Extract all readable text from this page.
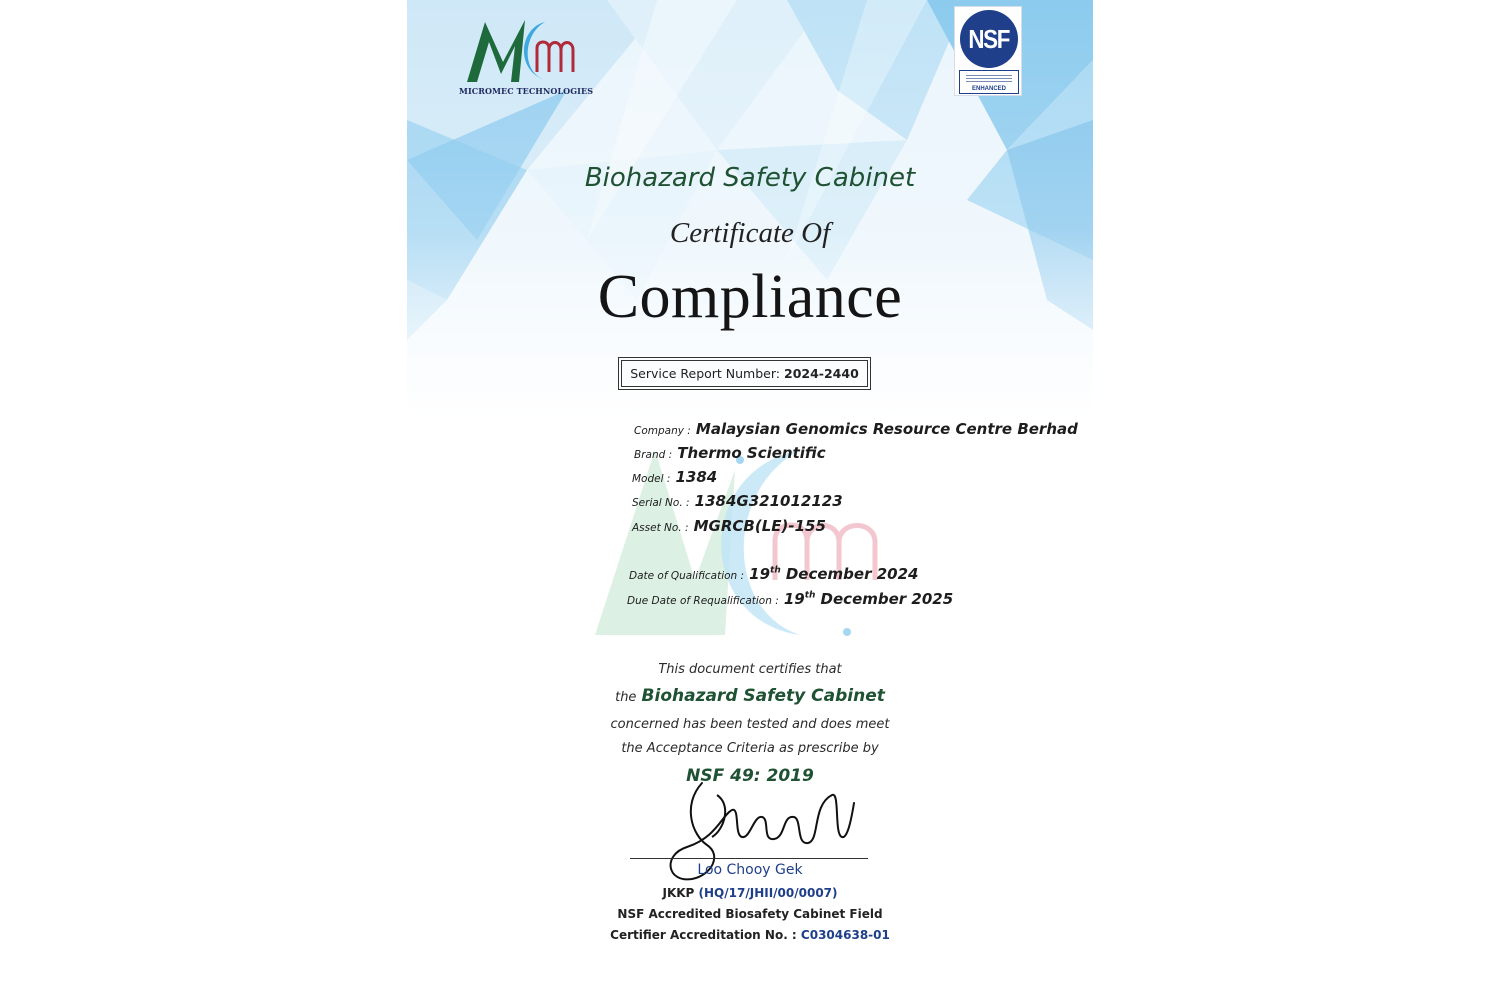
MICROMEC TECHNOLOGIES
NSF
ENHANCED
Biohazard Safety Cabinet
Certificate Of
Compliance
Service Report Number: 2024-2440
Company : Malaysian Genomics Resource Centre Berhad
Brand : Thermo Scientific
Model : 1384
Serial No. : 1384G321012123
Asset No. : MGRCB(LE)-155
Date of Qualification : 19th December 2024
Due Date of Requalification : 19th December 2025
This document certifies that
the Biohazard Safety Cabinet
concerned has been tested and does meet
the Acceptance Criteria as prescribe by
NSF 49: 2019
Loo Chooy Gek
JKKP (HQ/17/JHII/00/0007)
NSF Accredited Biosafety Cabinet Field
Certifier Accreditation No. : C0304638-01
